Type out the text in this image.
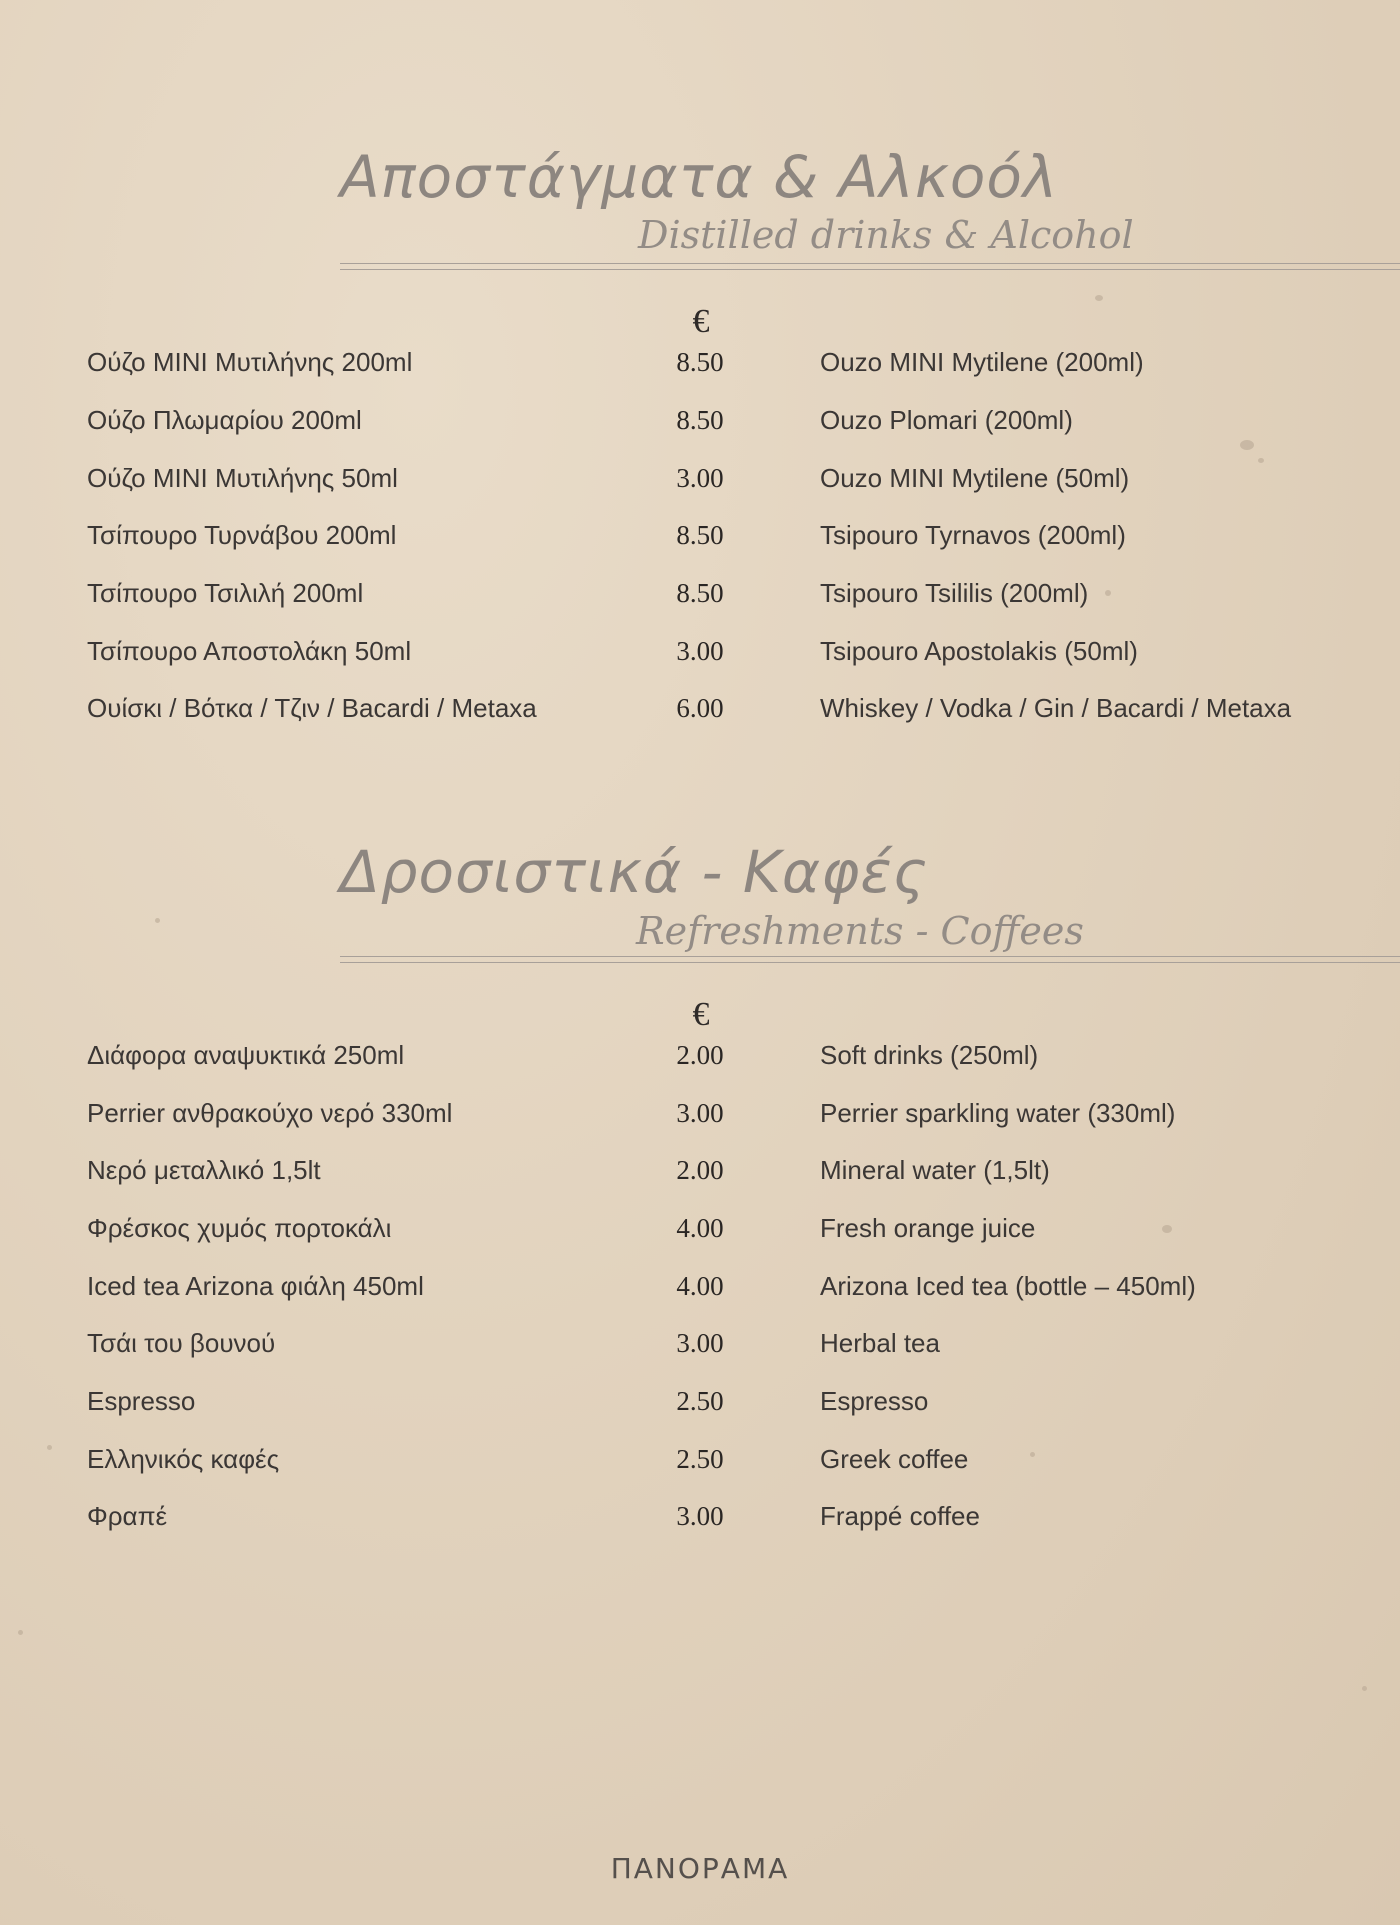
Αποστάγματα & Αλκοόλ
Distilled drinks & Alcohol
€
Ούζο MINI Μυτιλήνης 200ml	8.50	Ouzo MINI Mytilene (200ml)
Ούζο Πλωμαρίου 200ml	8.50	Ouzo Plomari (200ml)
Ούζο MINI Μυτιλήνης 50ml	3.00	Ouzo MINI Mytilene (50ml)
Τσίπουρο Τυρνάβου 200ml	8.50	Tsipouro Tyrnavos (200ml)
Τσίπουρο Τσιλιλή 200ml	8.50	Tsipouro Tsililis (200ml)
Τσίπουρο Αποστολάκη 50ml	3.00	Tsipouro Apostolakis (50ml)
Ουίσκι / Βότκα / Τζιν / Bacardi / Metaxa	6.00	Whiskey / Vodka / Gin / Bacardi / Metaxa
Δροσιστικά - Καφές
Refreshments - Coffees
€
Διάφορα αναψυκτικά 250ml	2.00	Soft drinks (250ml)
Perrier ανθρακούχο νερό 330ml	3.00	Perrier sparkling water (330ml)
Νερό μεταλλικό 1,5lt	2.00	Mineral water (1,5lt)
Φρέσκος χυμός πορτοκάλι	4.00	Fresh orange juice
Iced tea Arizona φιάλη 450ml	4.00	Arizona Iced tea (bottle – 450ml)
Τσάι του βουνού	3.00	Herbal tea
Espresso	2.50	Espresso
Ελληνικός καφές	2.50	Greek coffee
Φραπέ	3.00	Frappé coffee
ΠΑΝΟΡΑΜΑ
